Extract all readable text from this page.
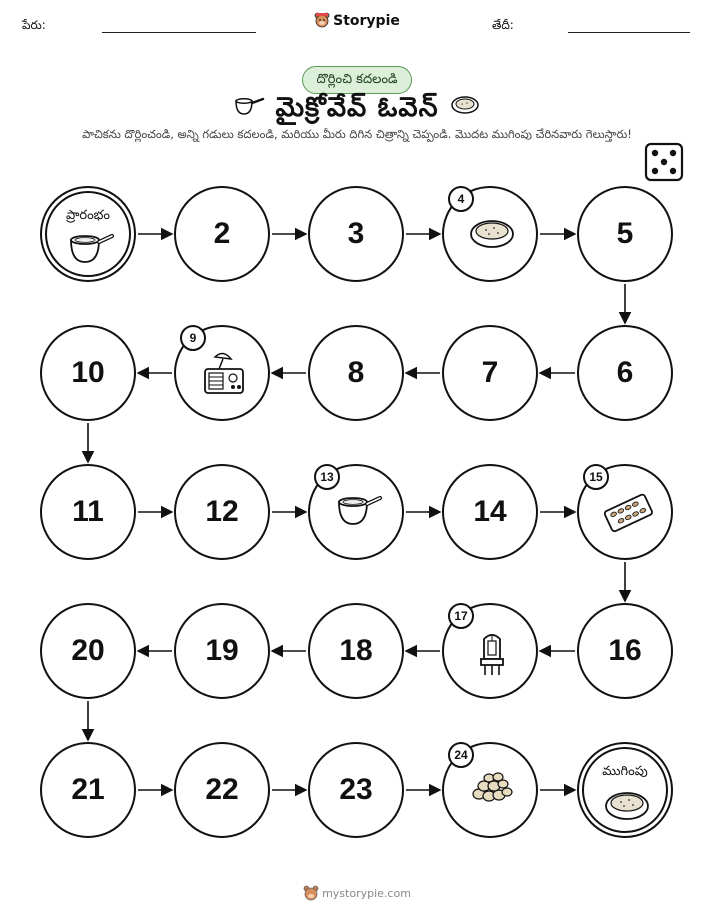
పేరు:	Storypie	తేదీ:
దొర్లించి కదలండి
మైక్రోవేవ్ ఓవెన్
పాచికను దొర్లించండి, అన్ని గడులు కదలండి, మరియు మీరు దిగిన చిత్రాన్ని చెప్పండి. మొదట ముగింపు చేరినవారు గెలుస్తారు!
ప్రారంభం
2	3
4
5
6
7
8
9
10
11	12
13
14
15
16
17
18
19
20
21	22	23
24
ముగింపు
mystorypie.com
